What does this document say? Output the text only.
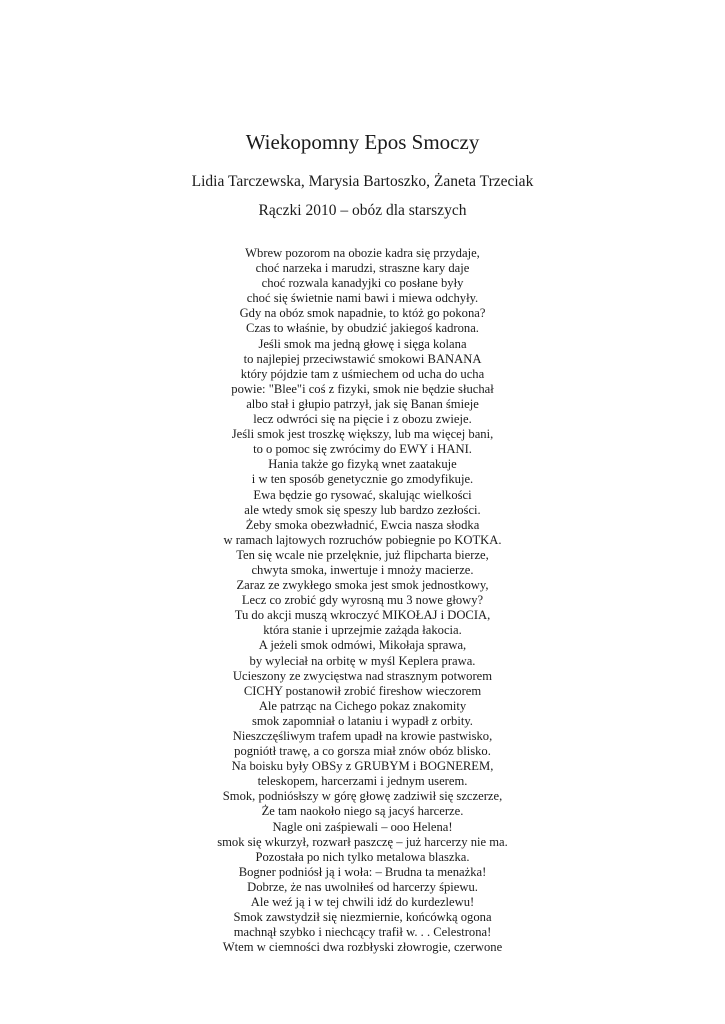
Wiekopomny Epos Smoczy
Lidia Tarczewska, Marysia Bartoszko, Żaneta Trzeciak
Rączki 2010 – obóz dla starszych
Wbrew pozorom na obozie kadra się przydaje,
choć narzeka i marudzi, straszne kary daje
choć rozwala kanadyjki co posłane były
choć się świetnie nami bawi i miewa odchyły.
Gdy na obóz smok napadnie, to któż go pokona?
Czas to właśnie, by obudzić jakiegoś kadrona.
Jeśli smok ma jedną głowę i sięga kolana
to najlepiej przeciwstawić smokowi BANANA
który pójdzie tam z uśmiechem od ucha do ucha
powie: "Blee"i coś z fizyki, smok nie będzie słuchał
albo stał i głupio patrzył, jak się Banan śmieje
lecz odwróci się na pięcie i z obozu zwieje.
Jeśli smok jest troszkę większy, lub ma więcej bani,
to o pomoc się zwrócimy do EWY i HANI.
Hania także go fizyką wnet zaatakuje
i w ten sposób genetycznie go zmodyfikuje.
Ewa będzie go rysować, skalując wielkości
ale wtedy smok się speszy lub bardzo zezłości.
Żeby smoka obezwładnić, Ewcia nasza słodka
w ramach lajtowych rozruchów pobiegnie po KOTKA.
Ten się wcale nie przelęknie, już flipcharta bierze,
chwyta smoka, inwertuje i mnoży macierze.
Zaraz ze zwykłego smoka jest smok jednostkowy,
Lecz co zrobić gdy wyrosną mu 3 nowe głowy?
Tu do akcji muszą wkroczyć MIKOŁAJ i DOCIA,
która stanie i uprzejmie zażąda łakocia.
A jeżeli smok odmówi, Mikołaja sprawa,
by wyleciał na orbitę w myśl Keplera prawa.
Ucieszony ze zwycięstwa nad strasznym potworem
CICHY postanowił zrobić fireshow wieczorem
Ale patrząc na Cichego pokaz znakomity
smok zapomniał o lataniu i wypadł z orbity.
Nieszczęśliwym trafem upadł na krowie pastwisko,
pogniótł trawę, a co gorsza miał znów obóz blisko.
Na boisku były OBSy z GRUBYM i BOGNEREM,
teleskopem, harcerzami i jednym userem.
Smok, podniósłszy w górę głowę zadziwił się szczerze,
Że tam naokoło niego są jacyś harcerze.
Nagle oni zaśpiewali – ooo Helena!
smok się wkurzył, rozwarł paszczę – już harcerzy nie ma.
Pozostała po nich tylko metalowa blaszka.
Bogner podniósł ją i woła: – Brudna ta menażka!
Dobrze, że nas uwolniłeś od harcerzy śpiewu.
Ale weź ją i w tej chwili idź do kurdezlewu!
Smok zawstydził się niezmiernie, końcówką ogona
machnął szybko i niechcący trafił w. . . Celestrona!
Wtem w ciemności dwa rozbłyski złowrogie, czerwone
